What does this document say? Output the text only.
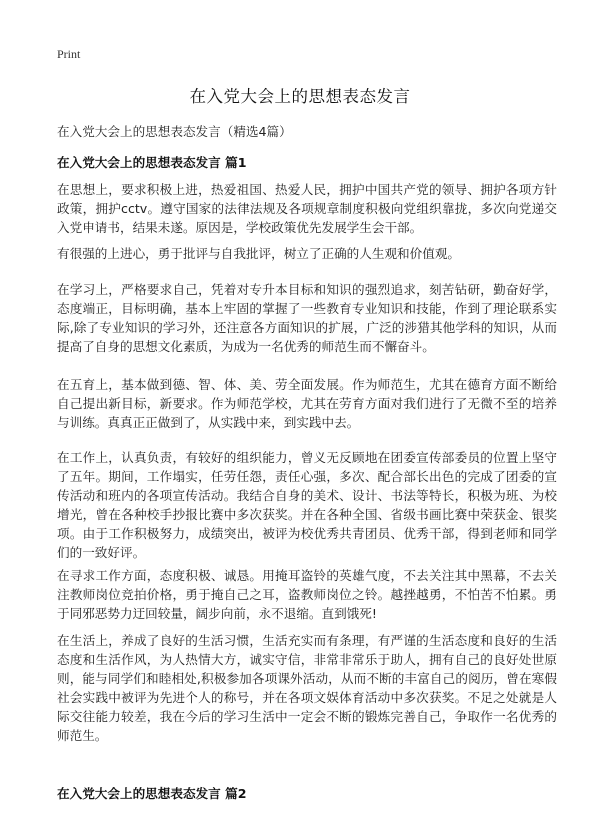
Print
在入党大会上的思想表态发言
在入党大会上的思想表态发言（精选4篇）
在入党大会上的思想表态发言 篇1

在思想上，要求积极上进，热爱祖国、热爱人民，拥护中国共产党的领导、拥护各项方针政策，拥护cctv。遵守国家的法律法规及各项规章制度积极向党组织靠拢，多次向党递交入党申请书，结果未遂。原因是，学校政策优先发展学生会干部。

有很强的上进心，勇于批评与自我批评，树立了正确的人生观和价值观。

在学习上，严格要求自己，凭着对专升本目标和知识的强烈追求，刻苦钻研，勤奋好学，态度端正，目标明确，基本上牢固的掌握了一些教育专业知识和技能，作到了理论联系实际,除了专业知识的学习外，还注意各方面知识的扩展，广泛的涉猎其他学科的知识，从而提高了自身的思想文化素质，为成为一名优秀的师范生而不懈奋斗。

在五育上，基本做到德、智、体、美、劳全面发展。作为师范生，尤其在德育方面不断给自己提出新目标，新要求。作为师范学校，尤其在劳育方面对我们进行了无微不至的培养与训练。真真正正做到了，从实践中来，到实践中去。

在工作上，认真负责，有较好的组织能力，曾义无反顾地在团委宣传部委员的位置上坚守了五年。期间，工作塌实，任劳任怨，责任心强，多次、配合部长出色的完成了团委的宣传活动和班内的各项宣传活动。我结合自身的美术、设计、书法等特长，积极为班、为校增光，曾在各种校手抄报比赛中多次获奖。并在各种全国、省级书画比赛中荣获金、银奖项。由于工作积极努力，成绩突出，被评为校优秀共青团员、优秀干部，得到老师和同学们的一致好评。

在寻求工作方面，态度积极、诚恳。用掩耳盗铃的英雄气度，不去关注其中黑幕，不去关注教师岗位竞拍价格，勇于掩自己之耳，盗教师岗位之铃。越挫越勇，不怕苦不怕累。勇于同邪恶势力迂回较量，阔步向前，永不退缩。直到饿死!

在生活上，养成了良好的生活习惯，生活充实而有条理，有严谨的生活态度和良好的生活态度和生活作风，为人热情大方，诚实守信，非常非常乐于助人，拥有自己的良好处世原则，能与同学们和睦相处,积极参加各项课外活动，从而不断的丰富自己的阅历，曾在寒假社会实践中被评为先进个人的称号，并在各项文娱体育活动中多次获奖。不足之处就是人际交往能力较差，我在今后的学习生活中一定会不断的锻炼完善自己，争取作一名优秀的师范生。

在入党大会上的思想表态发言 篇2
